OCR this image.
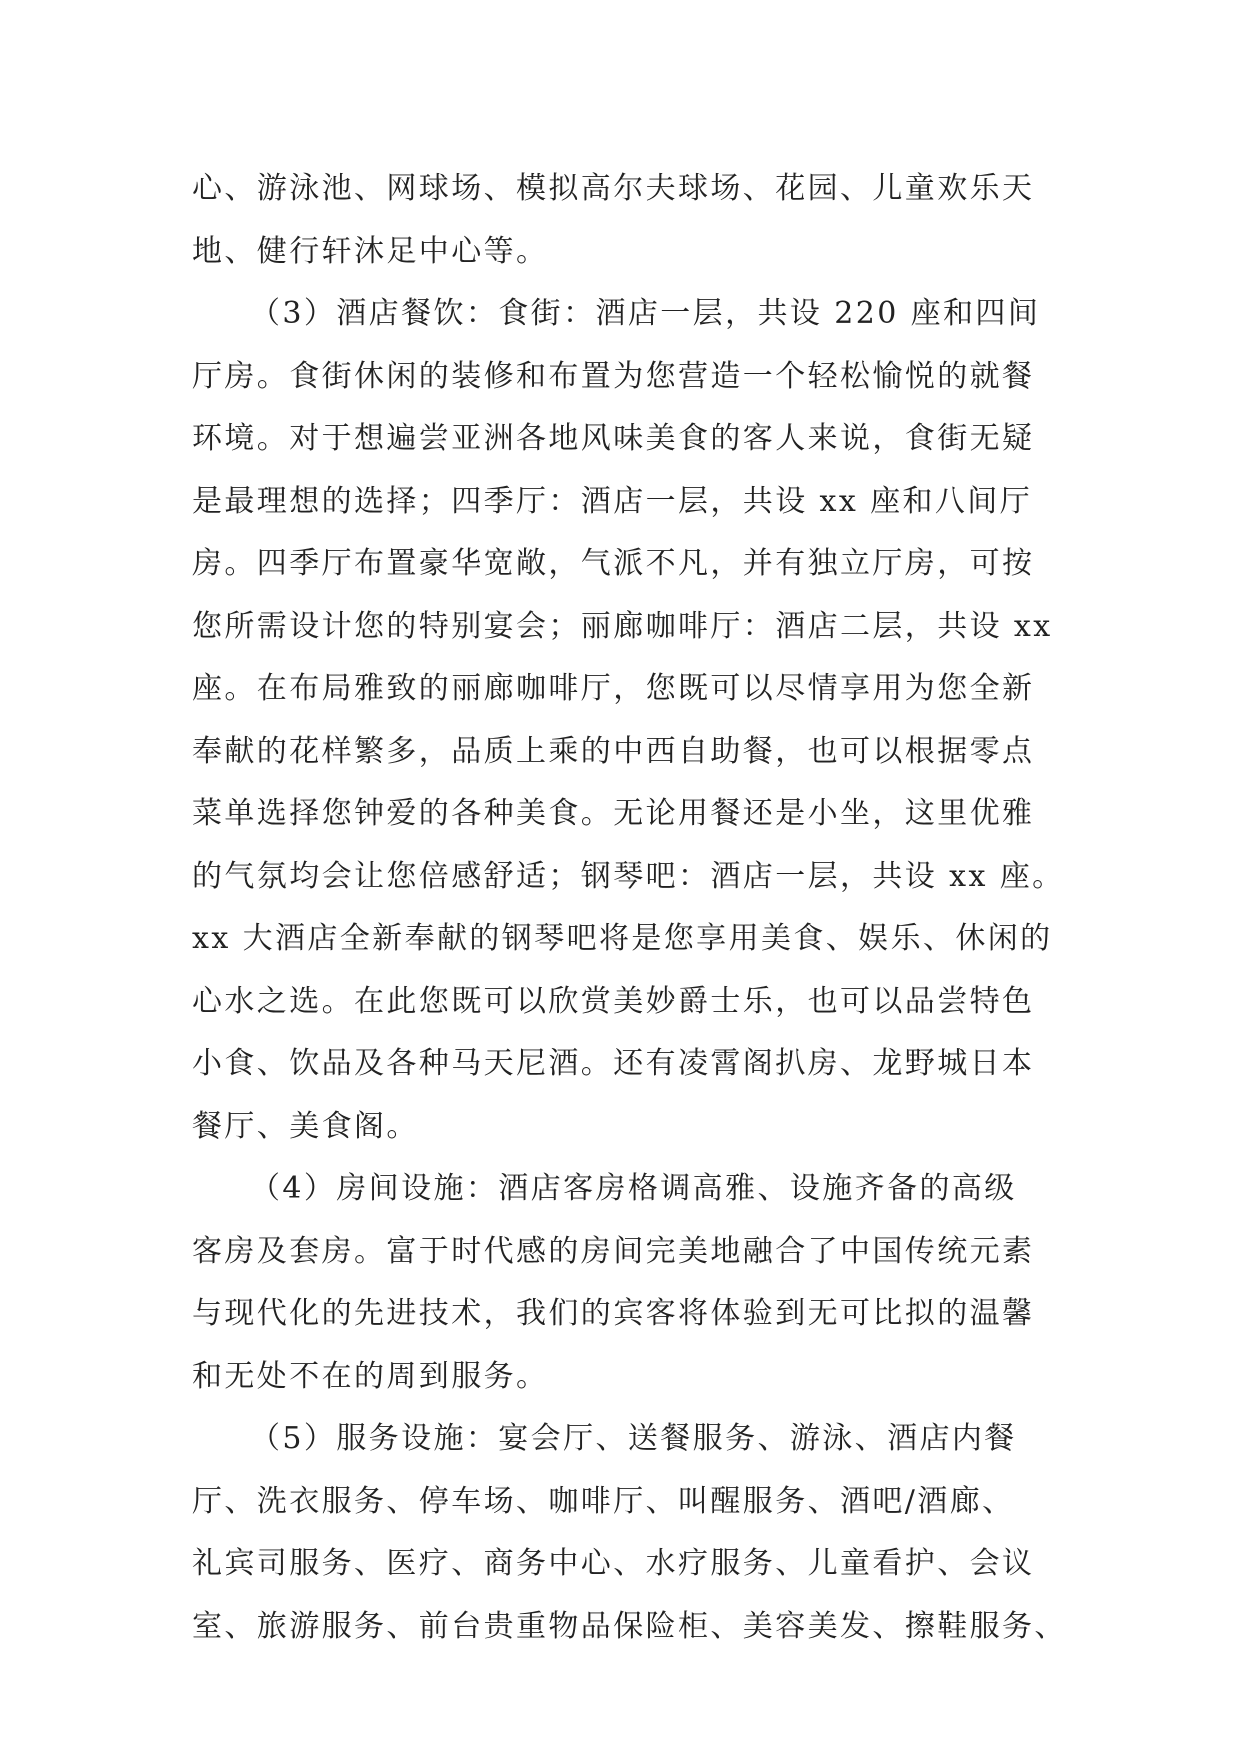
心、游泳池、网球场、模拟高尔夫球场、花园、儿童欢乐天
地、健行轩沐足中心等。
（3）酒店餐饮：食街：酒店一层，共设 220 座和四间
厅房。食街休闲的装修和布置为您营造一个轻松愉悦的就餐
环境。对于想遍尝亚洲各地风味美食的客人来说，食街无疑
是最理想的选择；四季厅：酒店一层，共设 xx 座和八间厅
房。四季厅布置豪华宽敞，气派不凡，并有独立厅房，可按
您所需设计您的特别宴会；丽廊咖啡厅：酒店二层，共设 xx
座。在布局雅致的丽廊咖啡厅，您既可以尽情享用为您全新
奉献的花样繁多，品质上乘的中西自助餐，也可以根据零点
菜单选择您钟爱的各种美食。无论用餐还是小坐，这里优雅
的气氛均会让您倍感舒适；钢琴吧：酒店一层，共设 xx 座。
xx 大酒店全新奉献的钢琴吧将是您享用美食、娱乐、休闲的
心水之选。在此您既可以欣赏美妙爵士乐，也可以品尝特色
小食、饮品及各种马天尼酒。还有凌霄阁扒房、龙野城日本
餐厅、美食阁。
（4）房间设施：酒店客房格调高雅、设施齐备的高级
客房及套房。富于时代感的房间完美地融合了中国传统元素
与现代化的先进技术，我们的宾客将体验到无可比拟的温馨
和无处不在的周到服务。
（5）服务设施：宴会厅、送餐服务、游泳、酒店内餐
厅、洗衣服务、停车场、咖啡厅、叫醒服务、酒吧/酒廊、
礼宾司服务、医疗、商务中心、水疗服务、儿童看护、会议
室、旅游服务、前台贵重物品保险柜、美容美发、擦鞋服务、
